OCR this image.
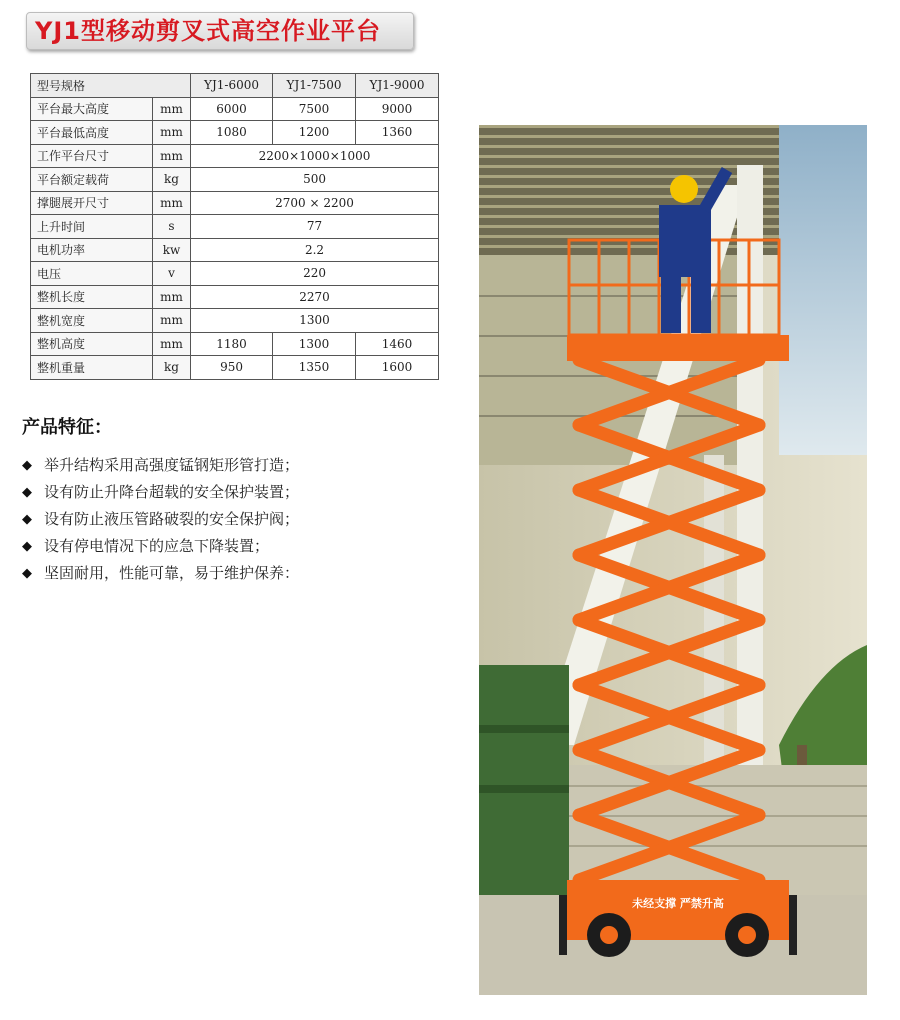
YJ1型移动剪叉式高空作业平台
型号规格		YJ1-6000	YJ1-7500	YJ1-9000
平台最大高度	mm	6000	7500	9000
平台最低高度	mm	1080	1200	1360
工作平台尺寸	mm	2200×1000×1000		
平台额定载荷	kg	500		
撑腿展开尺寸	mm	2700 × 2200		
上升时间	s	77		
电机功率	kw	2.2		
电压	v	220		
整机长度	mm	2270		
整机宽度	mm	1300		
整机高度	mm	1180	1300	1460
整机重量	kg	950	1350	1600
产品特征：
◆ 举升结构采用高强度锰钢矩形管打造；
◆ 设有防止升降台超载的安全保护装置；
◆ 设有防止液压管路破裂的安全保护阀；
◆ 设有停电情况下的应急下降装置；
◆ 坚固耐用，性能可靠，易于维护保养：
未经支撑 严禁升高
